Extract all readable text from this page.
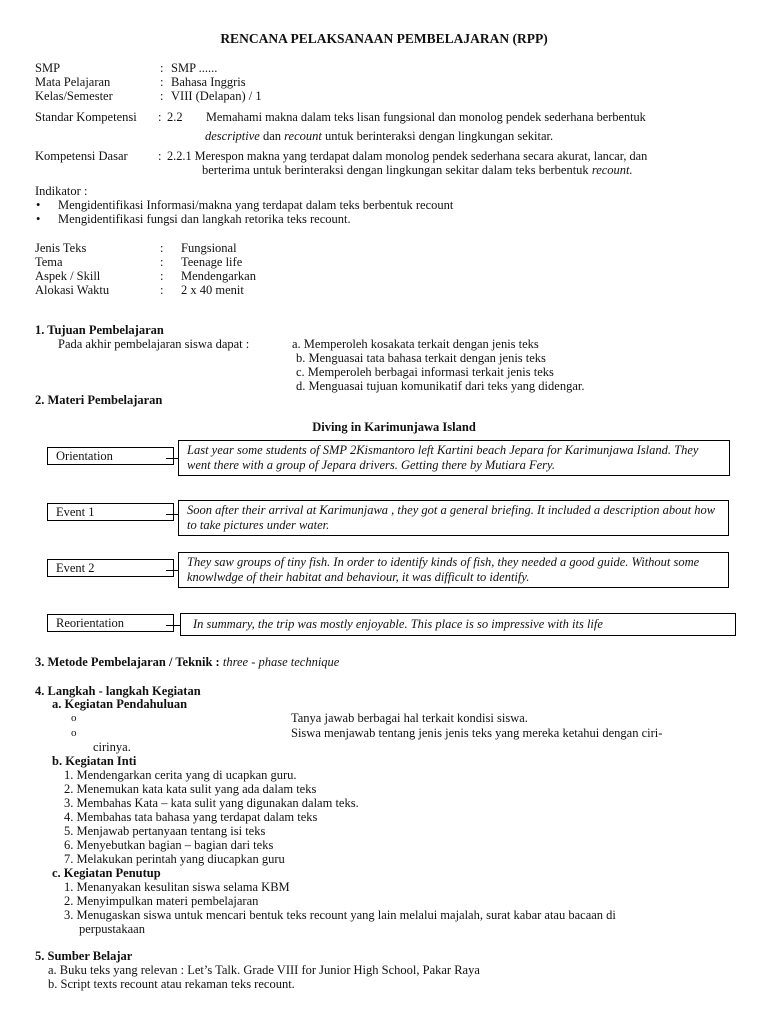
RENCANA PELAKSANAAN PEMBELAJARAN (RPP)
SMP	: SMP ......
Mata Pelajaran	: Bahasa Inggris
Kelas/Semester	: VIII (Delapan) / 1
Standar Kompetensi : 2.2 Memahami makna dalam teks lisan fungsional dan monolog pendek sederhana berbentuk
descriptive dan recount untuk berinteraksi dengan lingkungan sekitar.
Kompetensi Dasar : 2.2.1 Merespon makna yang terdapat dalam monolog pendek sederhana secara akurat, lancar, dan
berterima untuk berinteraksi dengan lingkungan sekitar dalam teks berbentuk recount.
Indikator :
• Mengidentifikasi Informasi/makna yang terdapat dalam teks berbentuk recount
• Mengidentifikasi fungsi dan langkah retorika teks recount.
Jenis Teks	: Fungsional
Tema	: Teenage life
Aspek / Skill	: Mendengarkan
Alokasi Waktu	: 2 x 40 menit
1. Tujuan Pembelajaran
Pada akhir pembelajaran siswa dapat :	a. Memperoleh kosakata terkait dengan jenis teks
b. Menguasai tata bahasa terkait dengan jenis teks
c. Memperoleh berbagai informasi terkait jenis teks
d. Menguasai tujuan komunikatif dari teks yang didengar.
2. Materi Pembelajaran
Diving in Karimunjawa Island
Orientation	Last year some students of SMP 2Kismantoro left Kartini beach Jepara for Karimunjawa Island. They went there with a group of Jepara drivers. Getting there by Mutiara Fery.
Event 1	Soon after their arrival at Karimunjawa , they got a general briefing. It included a description about how to take pictures under water.
Event 2	They saw groups of tiny fish. In order to identify kinds of fish, they needed a good guide. Without some knowlwdge of their habitat and behaviour, it was difficult to identify.
Reorientation	In summary, the trip was mostly enjoyable. This place is so impressive with its life
3. Metode Pembelajaran / Teknik : three - phase technique
4. Langkah - langkah Kegiatan
a. Kegiatan Pendahuluan
o	Tanya jawab berbagai hal terkait kondisi siswa.
o	Siswa menjawab tentang jenis jenis teks yang mereka ketahui dengan ciri-
cirinya.
b. Kegiatan Inti
1. Mendengarkan cerita yang di ucapkan guru.
2. Menemukan kata kata sulit yang ada dalam teks
3. Membahas Kata – kata sulit yang digunakan dalam teks.
4. Membahas tata bahasa yang terdapat dalam teks
5. Menjawab pertanyaan tentang isi teks
6. Menyebutkan bagian – bagian dari teks
7. Melakukan perintah yang diucapkan guru
c. Kegiatan Penutup
1. Menanyakan kesulitan siswa selama KBM
2. Menyimpulkan materi pembelajaran
3. Menugaskan siswa untuk mencari bentuk teks recount yang lain melalui majalah, surat kabar atau bacaan di
perpustakaan
5. Sumber Belajar
a. Buku teks yang relevan : Let’s Talk. Grade VIII for Junior High School, Pakar Raya
b. Script texts recount atau rekaman teks recount.
